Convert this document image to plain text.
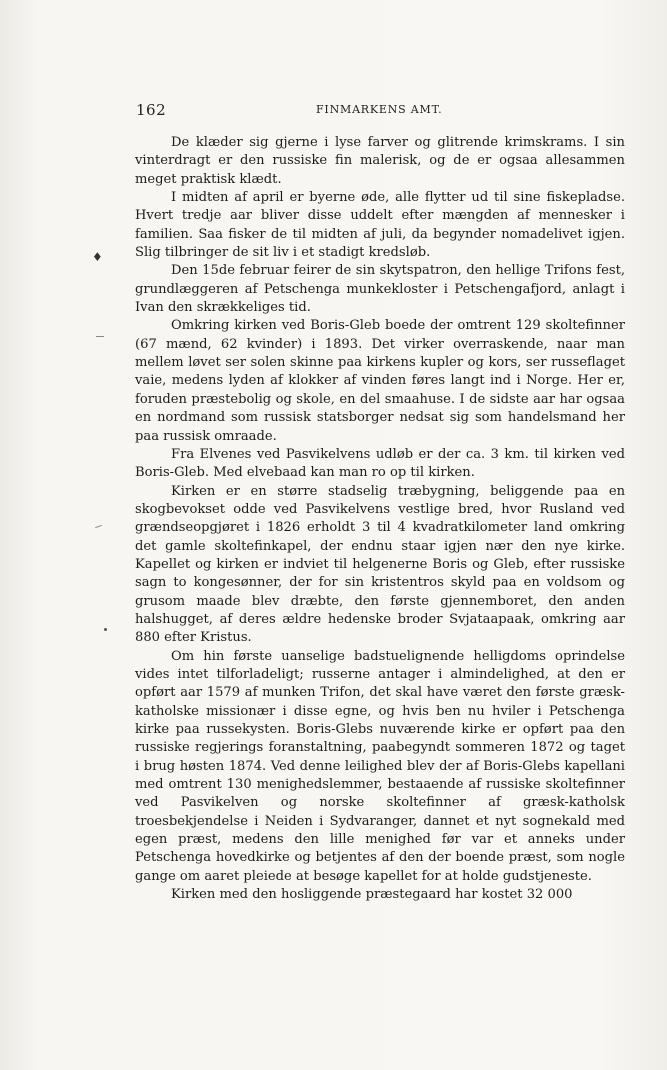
162	FINMARKENS AMT.

De klæder sig gjerne i lyse farver og glitrende krimskrams. I sin vinterdragt er den russiske fin malerisk, og de er ogsaa allesammen meget praktisk klædt.

I midten af april er byerne øde, alle flytter ud til sine fiskepladse. Hvert tredje aar bliver disse uddelt efter mængden af mennesker i familien. Saa fisker de til midten af juli, da begynder nomadelivet igjen. Slig tilbringer de sit liv i et stadigt kredsløb.

Den 15de februar feirer de sin skytspatron, den hellige Trifons fest, grundlæggeren af Petschenga munkekloster i Petschengafjord, anlagt i Ivan den skrækkeliges tid.

Omkring kirken ved Boris-Gleb boede der omtrent 129 skoltefinner (67 mænd, 62 kvinder) i 1893. Det virker overraskende, naar man mellem løvet ser solen skinne paa kirkens kupler og kors, ser russeflaget vaie, medens lyden af klokker af vinden føres langt ind i Norge. Her er, foruden præstebolig og skole, en del smaahuse. I de sidste aar har ogsaa en nordmand som russisk statsborger nedsat sig som handelsmand her paa russisk omraade.

Fra Elvenes ved Pasvikelvens udløb er der ca. 3 km. til kirken ved Boris-Gleb. Med elvebaad kan man ro op til kirken.

Kirken er en større stadselig træbygning, beliggende paa en skogbevokset odde ved Pasvikelvens vestlige bred, hvor Rusland ved grændseopgjøret i 1826 erholdt 3 til 4 kvadratkilometer land omkring det gamle skoltefinkapel, der endnu staar igjen nær den nye kirke. Kapellet og kirken er indviet til helgenerne Boris og Gleb, efter russiske sagn to kongesønner, der for sin kristentros skyld paa en voldsom og grusom maade blev dræbte, den første gjennemboret, den anden halshugget, af deres ældre hedenske broder Svjataapaak, omkring aar 880 efter Kristus.

Om hin første uanselige badstuelignende helligdoms oprindelse vides intet tilforladeligt; russerne antager i almindelighed, at den er opført aar 1579 af munken Trifon, det skal have været den første græsk-katholske missionær i disse egne, og hvis ben nu hviler i Petschenga kirke paa russekysten. Boris-Glebs nuværende kirke er opført paa den russiske regjerings foranstaltning, paabegyndt sommeren 1872 og taget i brug høsten 1874. Ved denne leilighed blev der af Boris-Glebs kapellani med omtrent 130 menighedslemmer, bestaaende af russiske skoltefinner ved Pasvikelven og norske skoltefinner af græsk-katholsk troesbekjendelse i Neiden i Sydvaranger, dannet et nyt sognekald med egen præst, medens den lille menighed før var et anneks under Petschenga hovedkirke og betjentes af den der boende præst, som nogle gange om aaret pleiede at besøge kapellet for at holde gudstjeneste.

Kirken med den hosliggende præstegaard har kostet 32 000

♦
